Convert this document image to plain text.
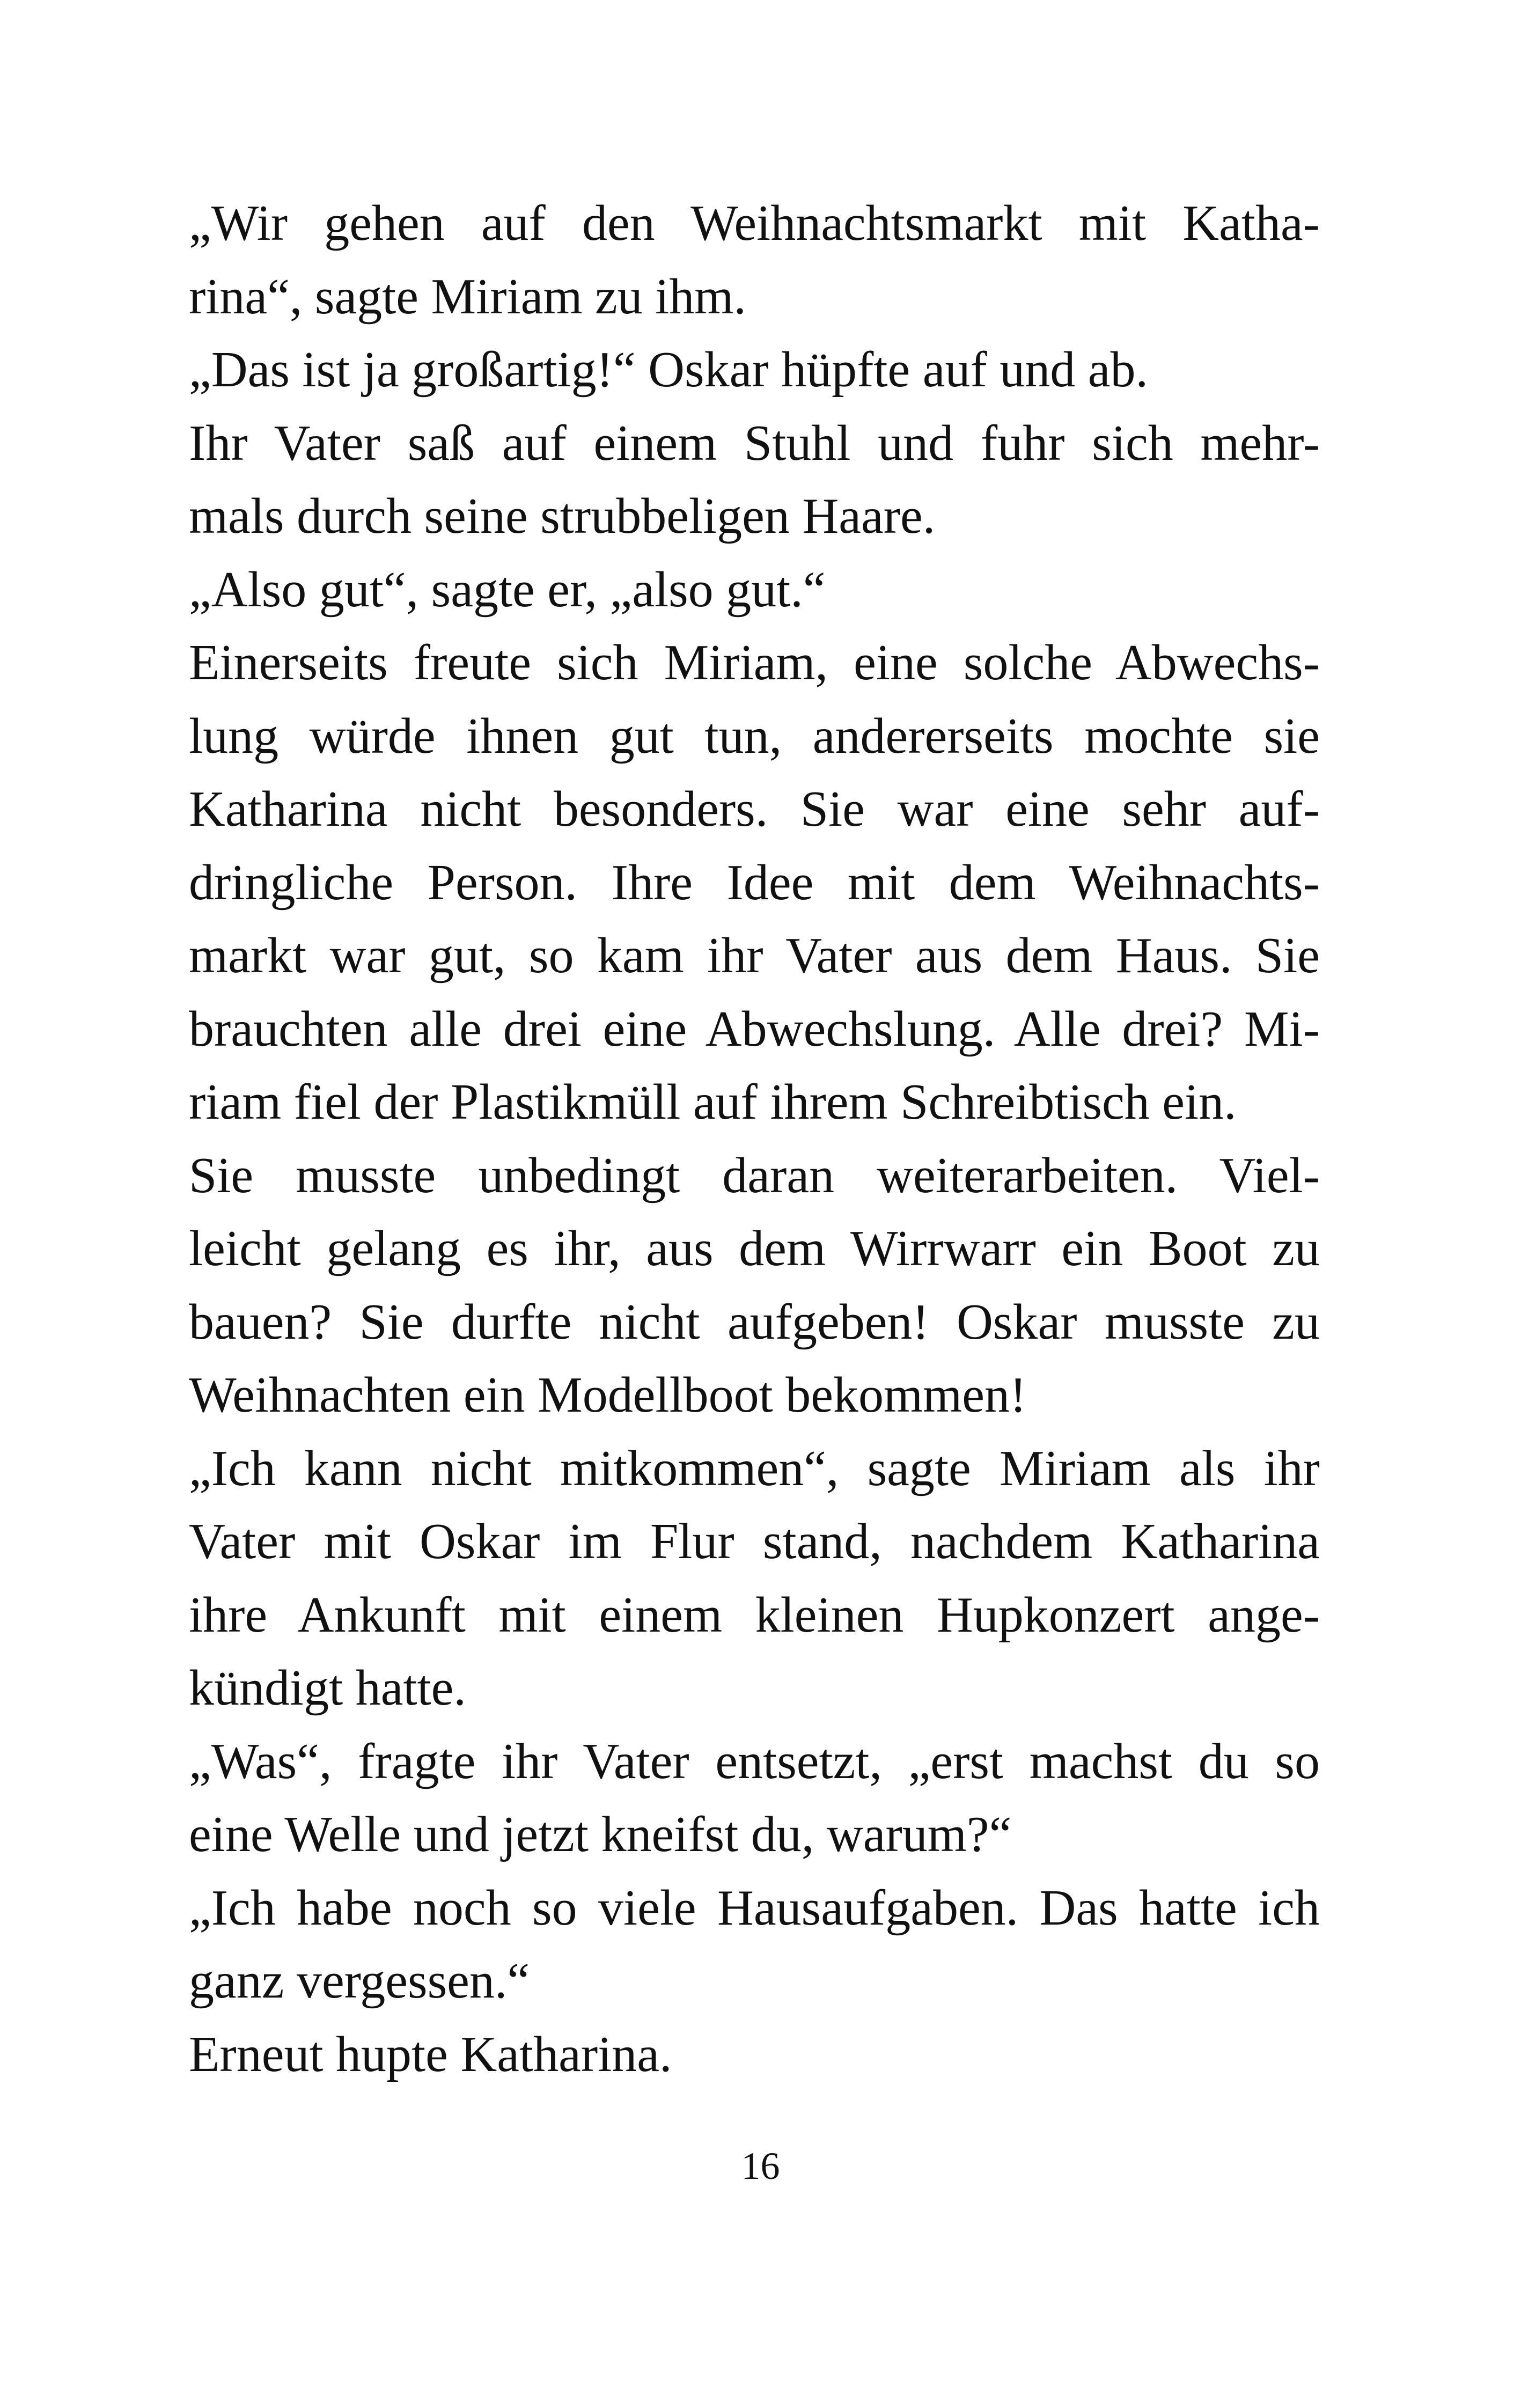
„Wir gehen auf den Weihnachtsmarkt mit Katha-
rina“, sagte Miriam zu ihm.
„Das ist ja großartig!“ Oskar hüpfte auf und ab.
Ihr Vater saß auf einem Stuhl und fuhr sich mehr-
mals durch seine strubbeligen Haare.
„Also gut“, sagte er, „also gut.“
Einerseits freute sich Miriam, eine solche Abwechs-
lung würde ihnen gut tun, andererseits mochte sie
Katharina nicht besonders. Sie war eine sehr auf-
dringliche Person. Ihre Idee mit dem Weihnachts-
markt war gut, so kam ihr Vater aus dem Haus. Sie
brauchten alle drei eine Abwechslung. Alle drei? Mi-
riam fiel der Plastikmüll auf ihrem Schreibtisch ein.
Sie musste unbedingt daran weiterarbeiten. Viel-
leicht gelang es ihr, aus dem Wirrwarr ein Boot zu
bauen? Sie durfte nicht aufgeben! Oskar musste zu
Weihnachten ein Modellboot bekommen!
„Ich kann nicht mitkommen“, sagte Miriam als ihr
Vater mit Oskar im Flur stand, nachdem Katharina
ihre Ankunft mit einem kleinen Hupkonzert ange-
kündigt hatte.
„Was“, fragte ihr Vater entsetzt, „erst machst du so
eine Welle und jetzt kneifst du, warum?“
„Ich habe noch so viele Hausaufgaben. Das hatte ich
ganz vergessen.“
Erneut hupte Katharina.
16
